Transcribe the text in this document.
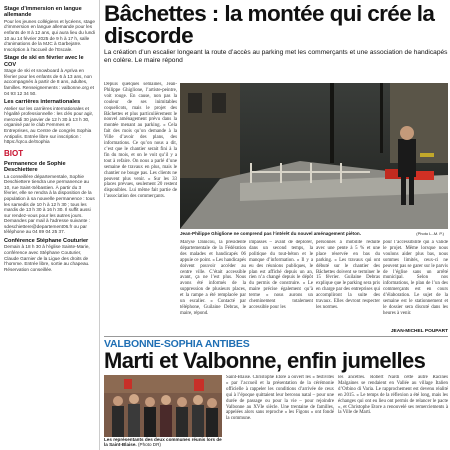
Stage d’immersion en langue allemande
Pour les jeunes collégiens et lycéens, stage d’immersion en langue allemande pour les enfants de 8 à 12 ans, qui aura lieu du lundi 10 au 14 février 2025 de 9 h à 17 h, salle d’animations de la MJC à Garbejaïre. Inscription à l’accueil de l’Escale.
Stage de ski en février avec le COV
Stage de ski et snowboard à Apriva en février pour les enfants de 6 à 13 ans, non accompagnés à partir de 8 ans, adultes, familles. Renseignements : valbonne.org et 04 93 12 34 50.
Les carrières internationales
Atelier sur les carrières internationales et l’égalité professionnelle : les clés pour agir, mercredi 30 janvier de 12 h 30 à 13 h 30, organisé par le club Femmes et Entreprises, au Centre de congrès Sophia Antipolis. Entrée libre sur inscription : https://qrco.de/Sophia
BIOT
Permanence de Sophie Deschiettere
La conseillère départementale, Sophie Deschiettere tiendra une permanence au 10, rue Saint-Sébastien. À partir du 3 février, elle se rendra à la disposition de la population à sa nouvelle permanence : tous les samedis de 10 h à 12 h 30 ; tous les mardis de 13 h 30 à 16 h 30. Il suffit aussi sur rendez-vous pour les autres jours. Demandes par mail à l’adresse suivante : sdeschiettere@departement06.fr ou par téléphone au 04 89 04 25 37.
Conférence Stéphane Couturier
Demain à 18 h 30 à l’église Sainte-Marie, conférence avec Stéphane Couturier, Claude Garnier de la Ligue des droits de l’homme. Entrée libre, sortie au chapeau. Réservation conseillée.
Bâchettes : la montée qui crée la discorde

La création d’un escalier longeant la route d’accès au parking met les commerçants et une association de handicapés en colère. Le maire répond

Depuis quelques semaines, Jean-Philippe Ghiglione, l’artiste-peintre, voit rouge. En cause, non pas la couleur de ses inimitables coquelicots, mais le projet des Bâchettes et plus particulièrement le nouvel aménagement prévu dans la montée menant au parking. « Cela fait des mois qu’on demande à la Ville d’avoir des plans, des informations. Ce qu’on nous a dit, c’est que le chantier serait fini à la fin du mois, et on le voit qu’il y a tout à refaire. On nous a parlé d’une semaine de travaux en plus, mais le chantier ne bouge pas. Les clients ne peuvent plus venir. » Sur les 33 places prévues, seulement 20 restent disponibles. Lui même fait partie de l’association des commerçants.
Maryse Danicou, la présidente départementale de la Fédération des malades et handicapés 06 appuie ce point. « Les handicapés doivent pouvoir accéder au centre ville. C’était accessible avant, ça ne l’est plus. Nous avons été informés de la suppression de plusieurs places, et la rampe a été remplacée par un escalier. » Contacté par téléphone, Guilaine Debras, le maire, répond.
impasses – avant de déplorer, dans un second temps, la politique du tout-béton et le manque d’information. « Il y a eu des réunions publiques, le plan est affiché depuis un an, rien n’a changé depuis le dépôt du permis de construire. » Le maire précise également qu’à terme « nous aurons un cheminement totalement accessible pour les
personnes à mobilité réduite avec une pente à 5 % et une place réservée en bas du parking. » Les travaux qui ont débuté sur le chantier des Bâchettes doivent se terminer le 15 février. Guilaine Debras explique que le parking sera pris en charge par des entreprises qui accompliront la suite des travaux. Elles devront respecter les normes.
pour l’accessibilité qui a validé le projet. Même lorsque nous voulons aider plus bas, nous sommes limités, ceux-ci ne peuvent pas se garer sur le parvis de l’église sans un arrêté municipal. Selon nos informations, le plan de l’un des commerçants est en cours d’élaboration. Le sujet de la semaine est le stationnement et le dossier sera discuté dans les heures à venir.
Jean-Philippe Ghiglione ne comprend pas l’intérêt du nouvel aménagement piéton.	(Photo L.-M. P.)
JEAN-MICHEL POUPART
VALBONNE-SOPHIA ANTIBES
Marti et Valbonne, enfin jumelles
Les représentants des deux communes réunis lors de la Saint-Blaise. (Photo DR)
Saint-Blaise. Christophe Etore a ouvert les « festivités » par l’accueil et la présentation de la cérémonie officielle à rappeler les conditions d’arrivée de ceux qui à l’époque quittaient leur berceau natal – pour une durée de passage ou pour la vie – pour rejoindre Valbonne au XVIe siècle. Une trentaine de familles, appelées alors sans reproche « les Figons » ont fondé la commune.
les ancêtres. Robert Nardi cette autre Racines Malgaines se rendaient en Vallée au village Italien d’Orbino di Varia. Le rapprochement est devenu réalité en 2015. « Le temps de la réflexion a été long, mais les échanges qui ont eu lieu ont permis de relancer le pacte », et Christophe Etore a renouvelé ses remerciements à la Ville de Marti.
